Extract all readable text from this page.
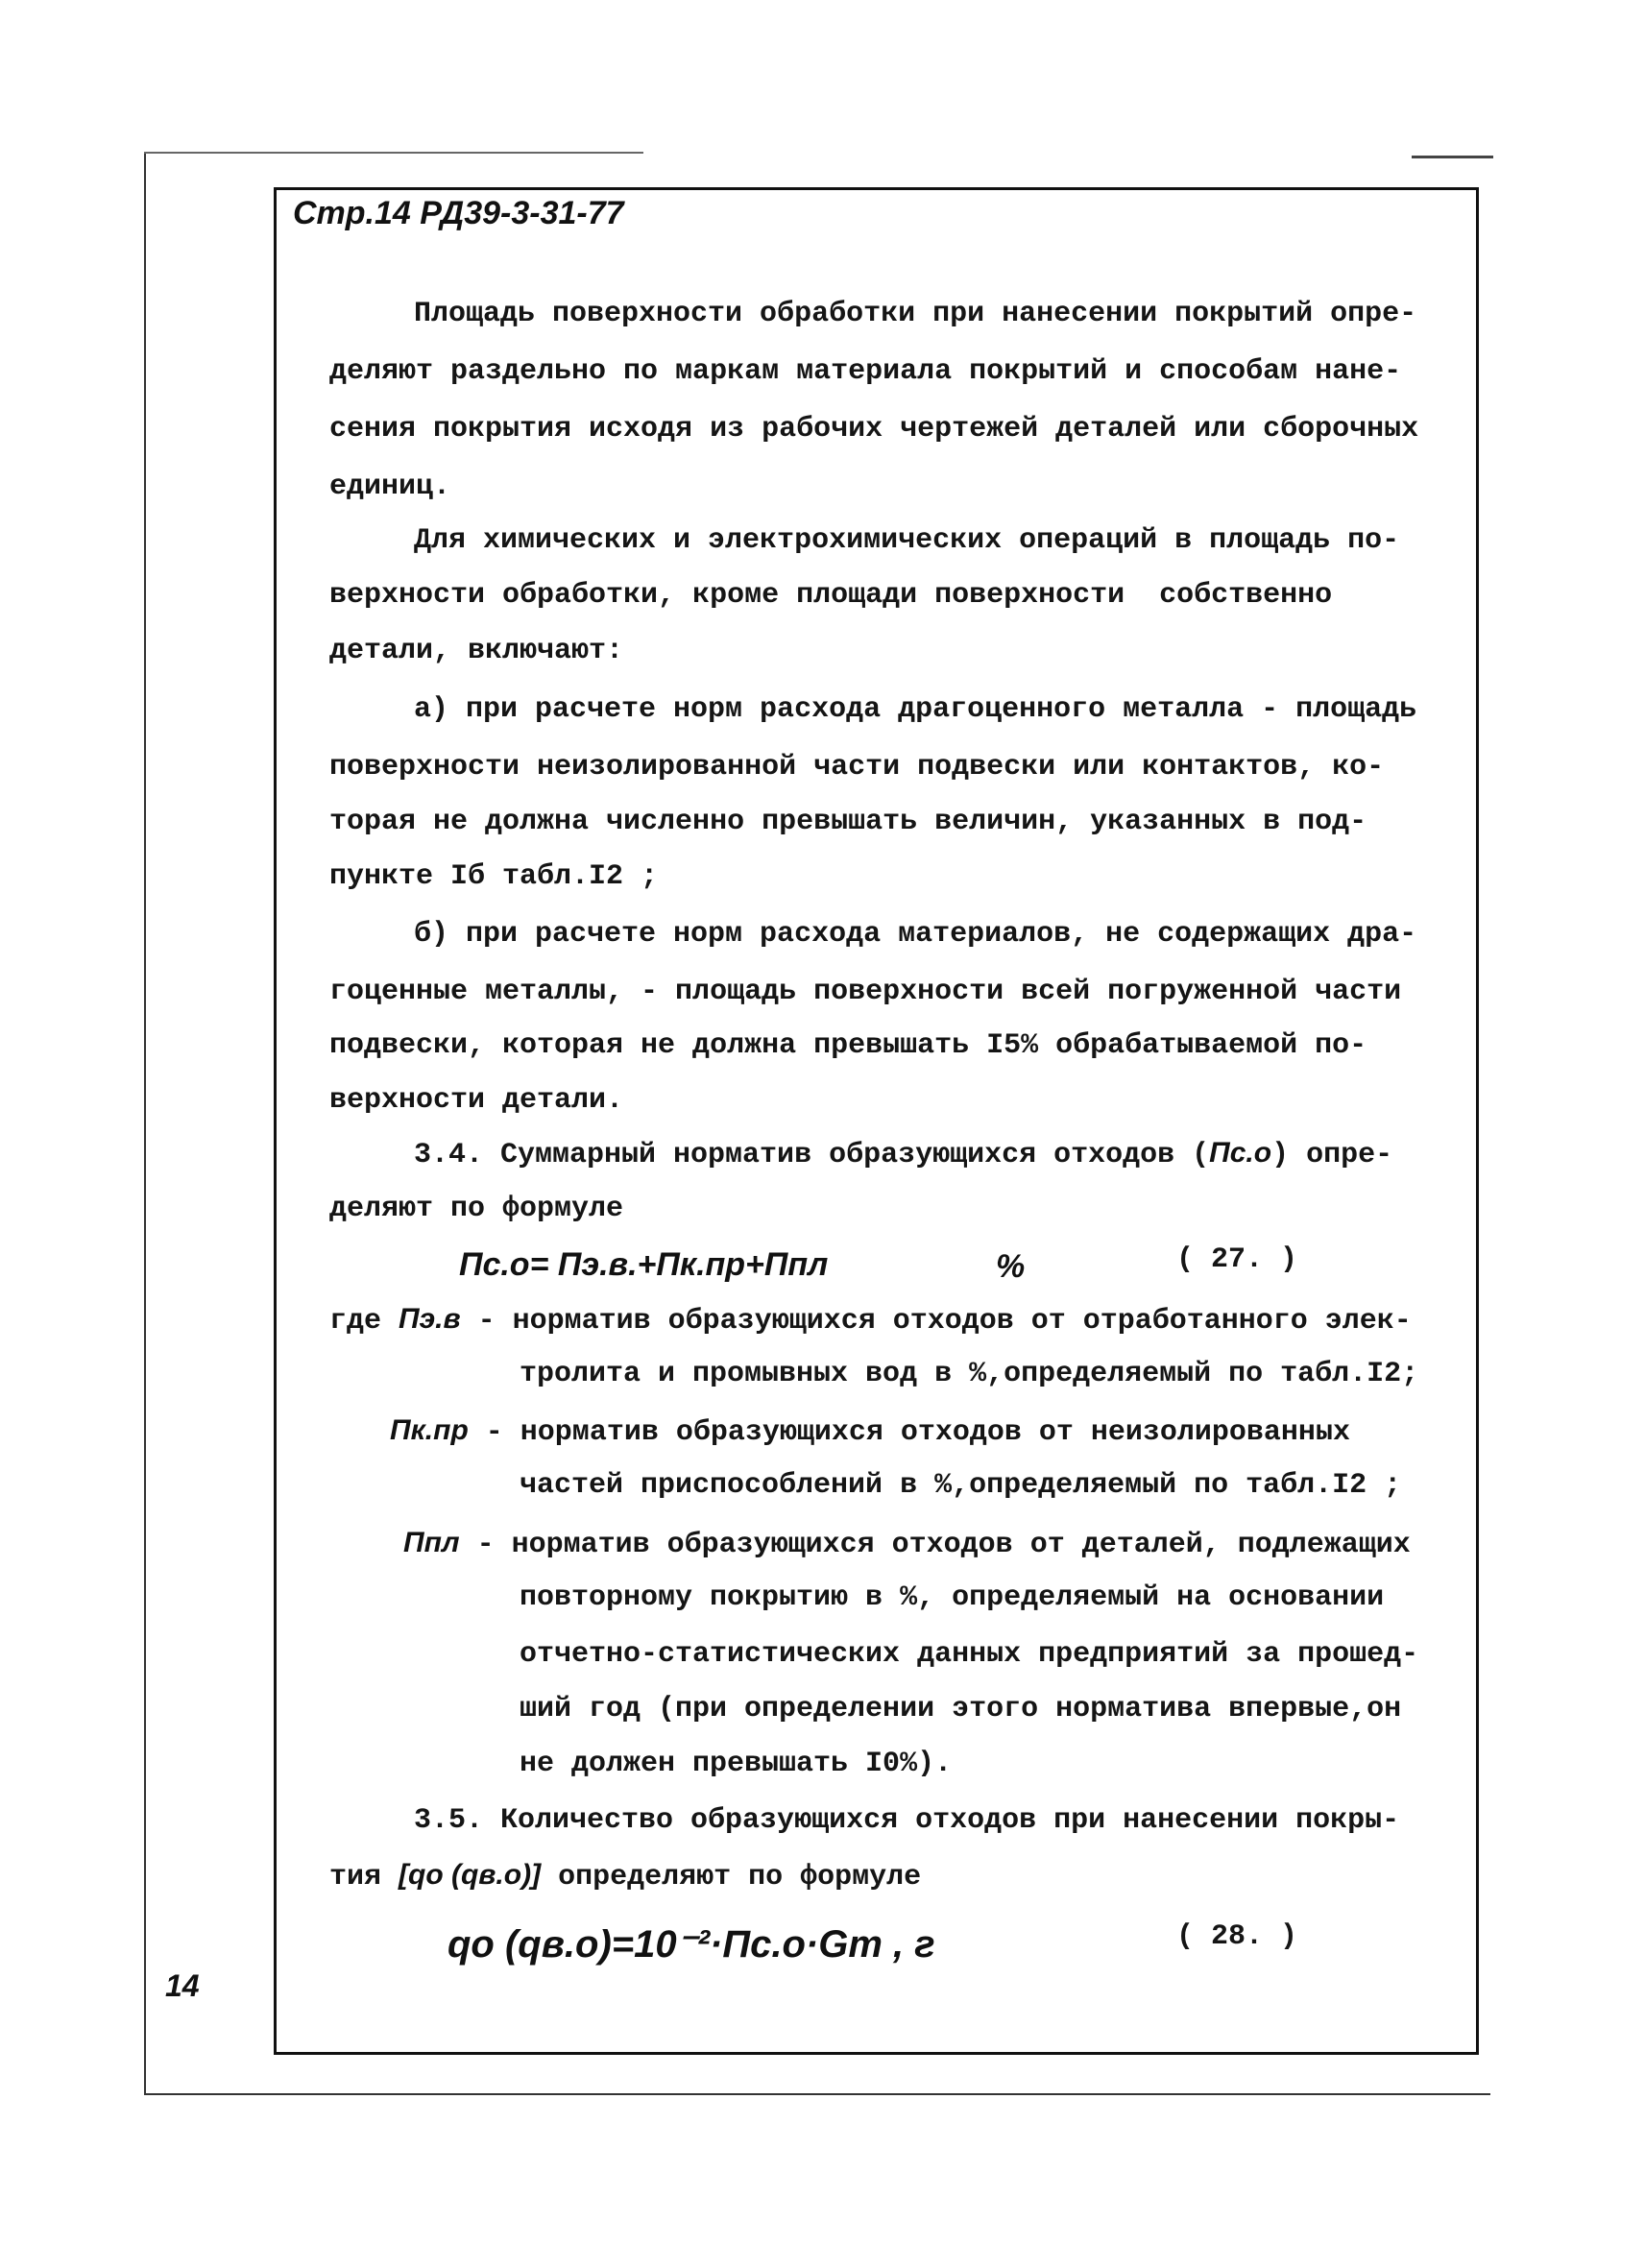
Стр.14 РД39-3-31-77
14
Площадь поверхности обработки при нанесении покрытий опре-
деляют раздельно по маркам материала покрытий и способам нане-
сения покрытия исходя из рабочих чертежей деталей или сборочных
единиц.
Для химических и электрохимических операций в площадь по-
верхности обработки, кроме площади поверхности  собственно
детали, включают:
а) при расчете норм расхода драгоценного металла - площадь
поверхности неизолированной части подвески или контактов, ко-
торая не должна численно превышать величин, указанных в под-
пункте Iб табл.I2 ;
б) при расчете норм расхода материалов, не содержащих дра-
гоценные металлы, - площадь поверхности всей погруженной части
подвески, которая не должна превышать I5% обрабатываемой по-
верхности детали.
3.4. Суммарный норматив образующихся отходов (Пс.о) опре-
деляют по формуле
Пс.о= Пэ.в.+Пк.пр+Ппл	%	( 27. )
где Пэ.в - норматив образующихся отходов от отработанного элек-
тролита и промывных вод в %,определяемый по табл.I2;
Пк.пр - норматив образующихся отходов от неизолированных
частей приспособлений в %,определяемый по табл.I2 ;
Ппл - норматив образующихся отходов от деталей, подлежащих
повторному покрытию в %, определяемый на основании
отчетно-статистических данных предприятий за прошед-
ший год (при определении этого норматива впервые,он
не должен превышать I0%).
3.5. Количество образующихся отходов при нанесении покры-
тия [qо (qв.о)] определяют по формуле
qо (qв.о)=10⁻²·Пс.о·Gm , г	( 28. )
